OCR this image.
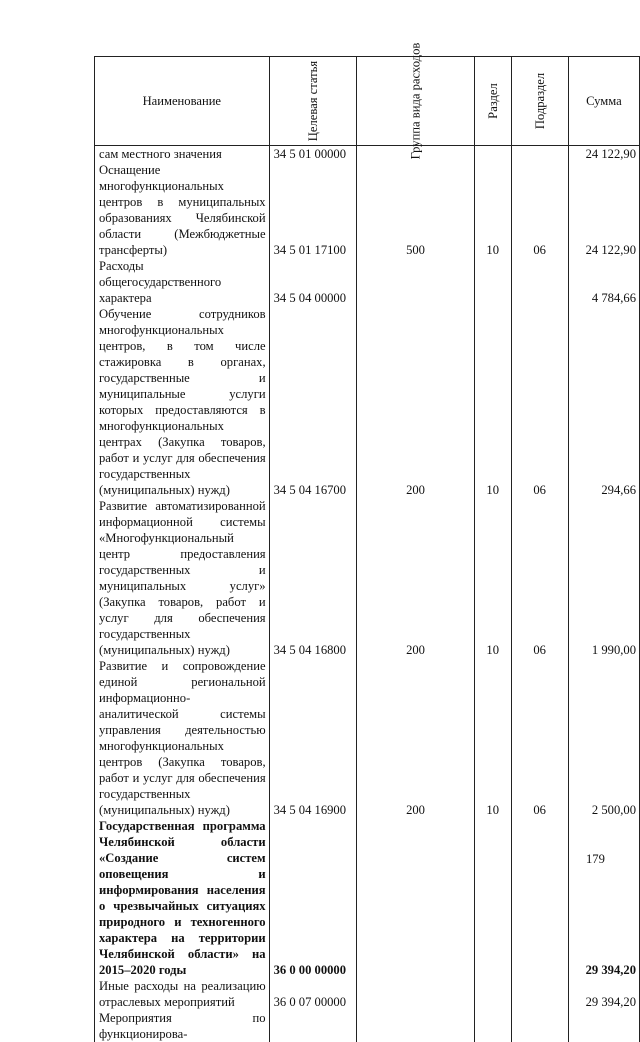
Наименование	Целевая статья	Группа вида расходов	Раздел	Подраздел	Сумма
сам местного значения	34 5 01 00000				24 122,90
Оснащение многофункциональных центров в муниципальных образованиях Челябинской области (Межбюджетные трансферты)	34 5 01 17100	500	10	06	24 122,90
Расходы общегосударственного характера	34 5 04 00000				4 784,66
Обучение сотрудников многофункциональных центров, в том числе стажировка в органах, государственные и муниципальные услуги которых предоставляются в многофункциональных центрах (Закупка товаров, работ и услуг для обеспечения государственных (муниципальных) нужд)	34 5 04 16700	200	10	06	294,66
Развитие автоматизированной информационной системы «Многофункциональный центр предоставления государственных и муниципальных услуг» (Закупка товаров, работ и услуг для обеспечения государственных (муниципальных) нужд)	34 5 04 16800	200	10	06	1 990,00
Развитие и сопровождение единой региональной информационно-аналитической системы управления деятельностью многофункциональных центров (Закупка товаров, работ и услуг для обеспечения государственных (муниципальных) нужд)	34 5 04 16900	200	10	06	2 500,00
Государственная программа Челябинской области «Создание систем оповещения и информирования населения о чрезвычайных ситуациях природного и техногенного характера на территории Челябинской области» на 2015–2020 годы	36 0 00 00000				29 394,20
Иные расходы на реализацию отраслевых мероприятий	36 0 07 00000				29 394,20
Мероприятия по функционирова-					
179
